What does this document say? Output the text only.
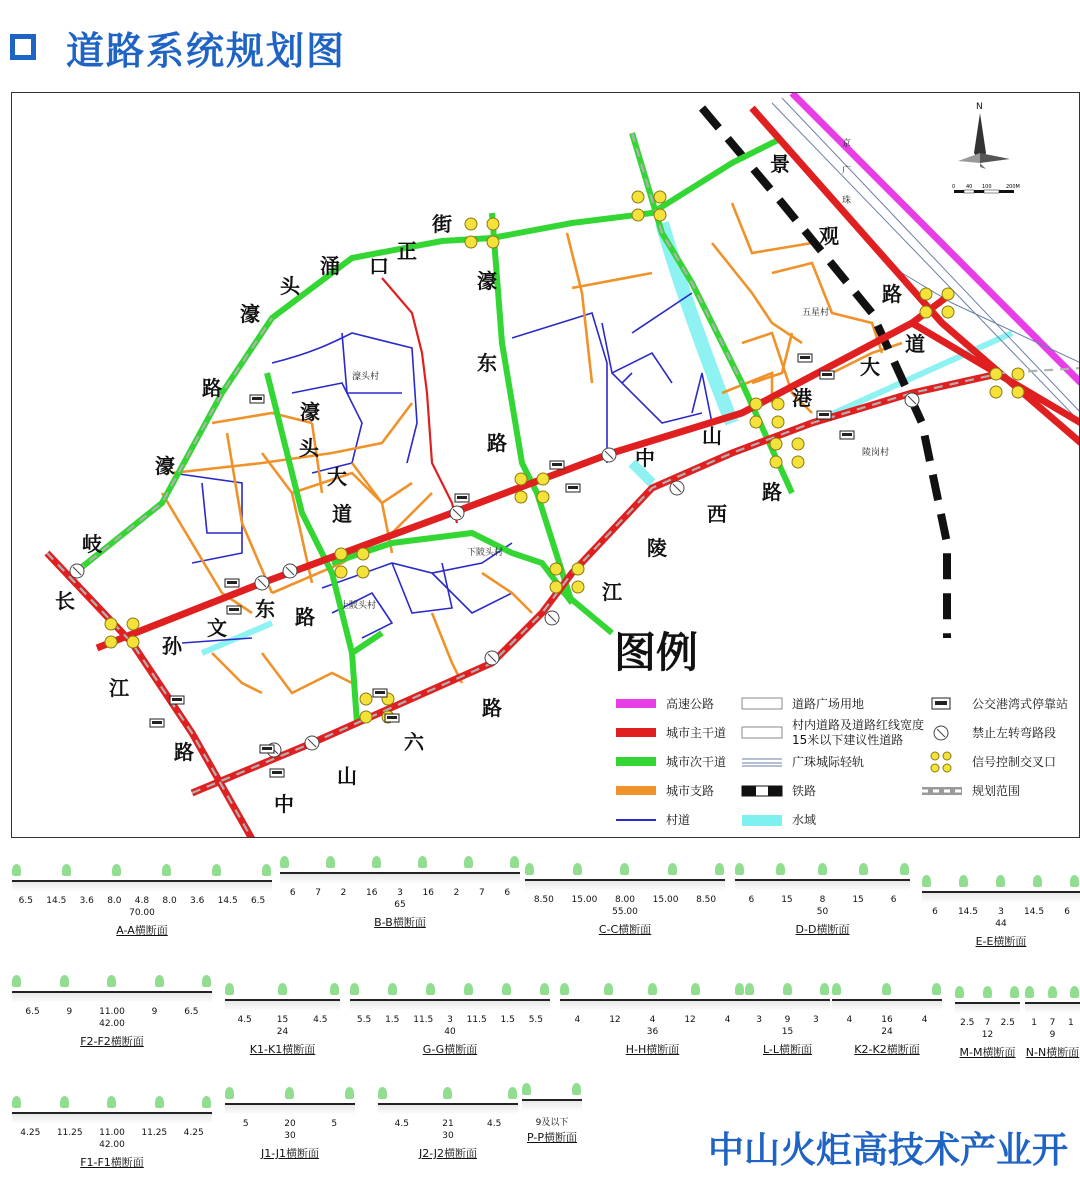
道路系统规划图
街
正
口
涌
头
濠
路
濠
岐
长
江
路
孙
文
东 路
濠
头
大
道
濠
东
路
中
山
港
大
道
路
观
景
路
西
陵
江
路
六
山
中
濠头村
五星村
陵岗村
下陂头村
上陂头村
京
广
珠
N
0 40 100	200M
图例
高速公路
城市主干道
城市次干道
城市支路
村道
道路广场用地
村内道路及道路红线宽度
15米以下建议性道路
广珠城际轻轨
铁路
水域
公交港湾式停靠站
禁止左转弯路段
信号控制交叉口
规划范围
6.5 14.5 3.6 8.0 4.8 8.0 3.6 14.5 6.5
70.00
A-A横断面
6 7 2 16 3 16 2 7 6
65
B-B横断面
8.50 15.00 8.00 15.00 8.50
55.00
C-C横断面
6	15	8	15	6
50
D-D横断面
6 14.5 3 14.5 6
44
E-E横断面
6.5	9	11.00	9	6.5
42.00
F2-F2横断面
4.5	15	4.5
24
K1-K1横断面
5.5 1.5 11.5 3 11.5 1.5 5.5
40
G-G横断面
4	12	4	12	4
36
H-H横断面
3	9	3
15
L-L横断面
4	16	4
24
K2-K2横断面
2.5 7 2.5
12
M-M横断面
1 7 1
9
N-N横断面
4.25 11.25 11.00 11.25 4.25
42.00
F1-F1横断面
5	20	5
30
J1-J1横断面
4.5	21	4.5
30
J2-J2横断面
9及以下
P-P横断面	中山火炬高技术产业开
